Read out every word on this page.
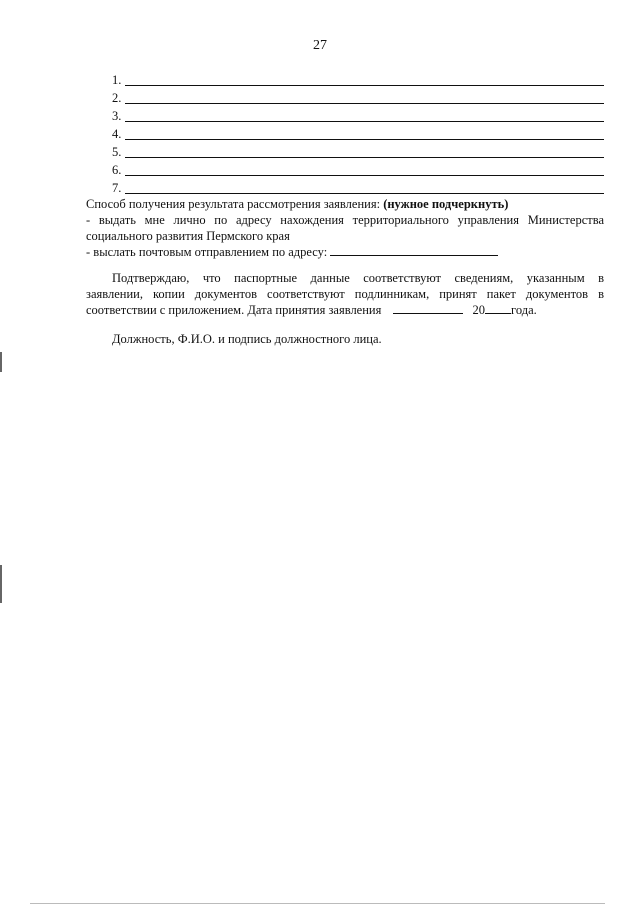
27
1.
2.
3.
4.
5.
6.
7.
Способ получения результата рассмотрения заявления: (нужное подчеркнуть)
- выдать мне лично по адресу нахождения территориального управления Министерства
социального развития Пермского края
- выслать почтовым отправлением по адресу:
Подтверждаю, что паспортные данные соответствуют сведениям, указанным в
заявлении, копии документов соответствуют подлинникам, принят пакет документов в
соответствии с приложением. Дата принятия заявления	20 года.
Должность, Ф.И.О. и подпись должностного лица.
